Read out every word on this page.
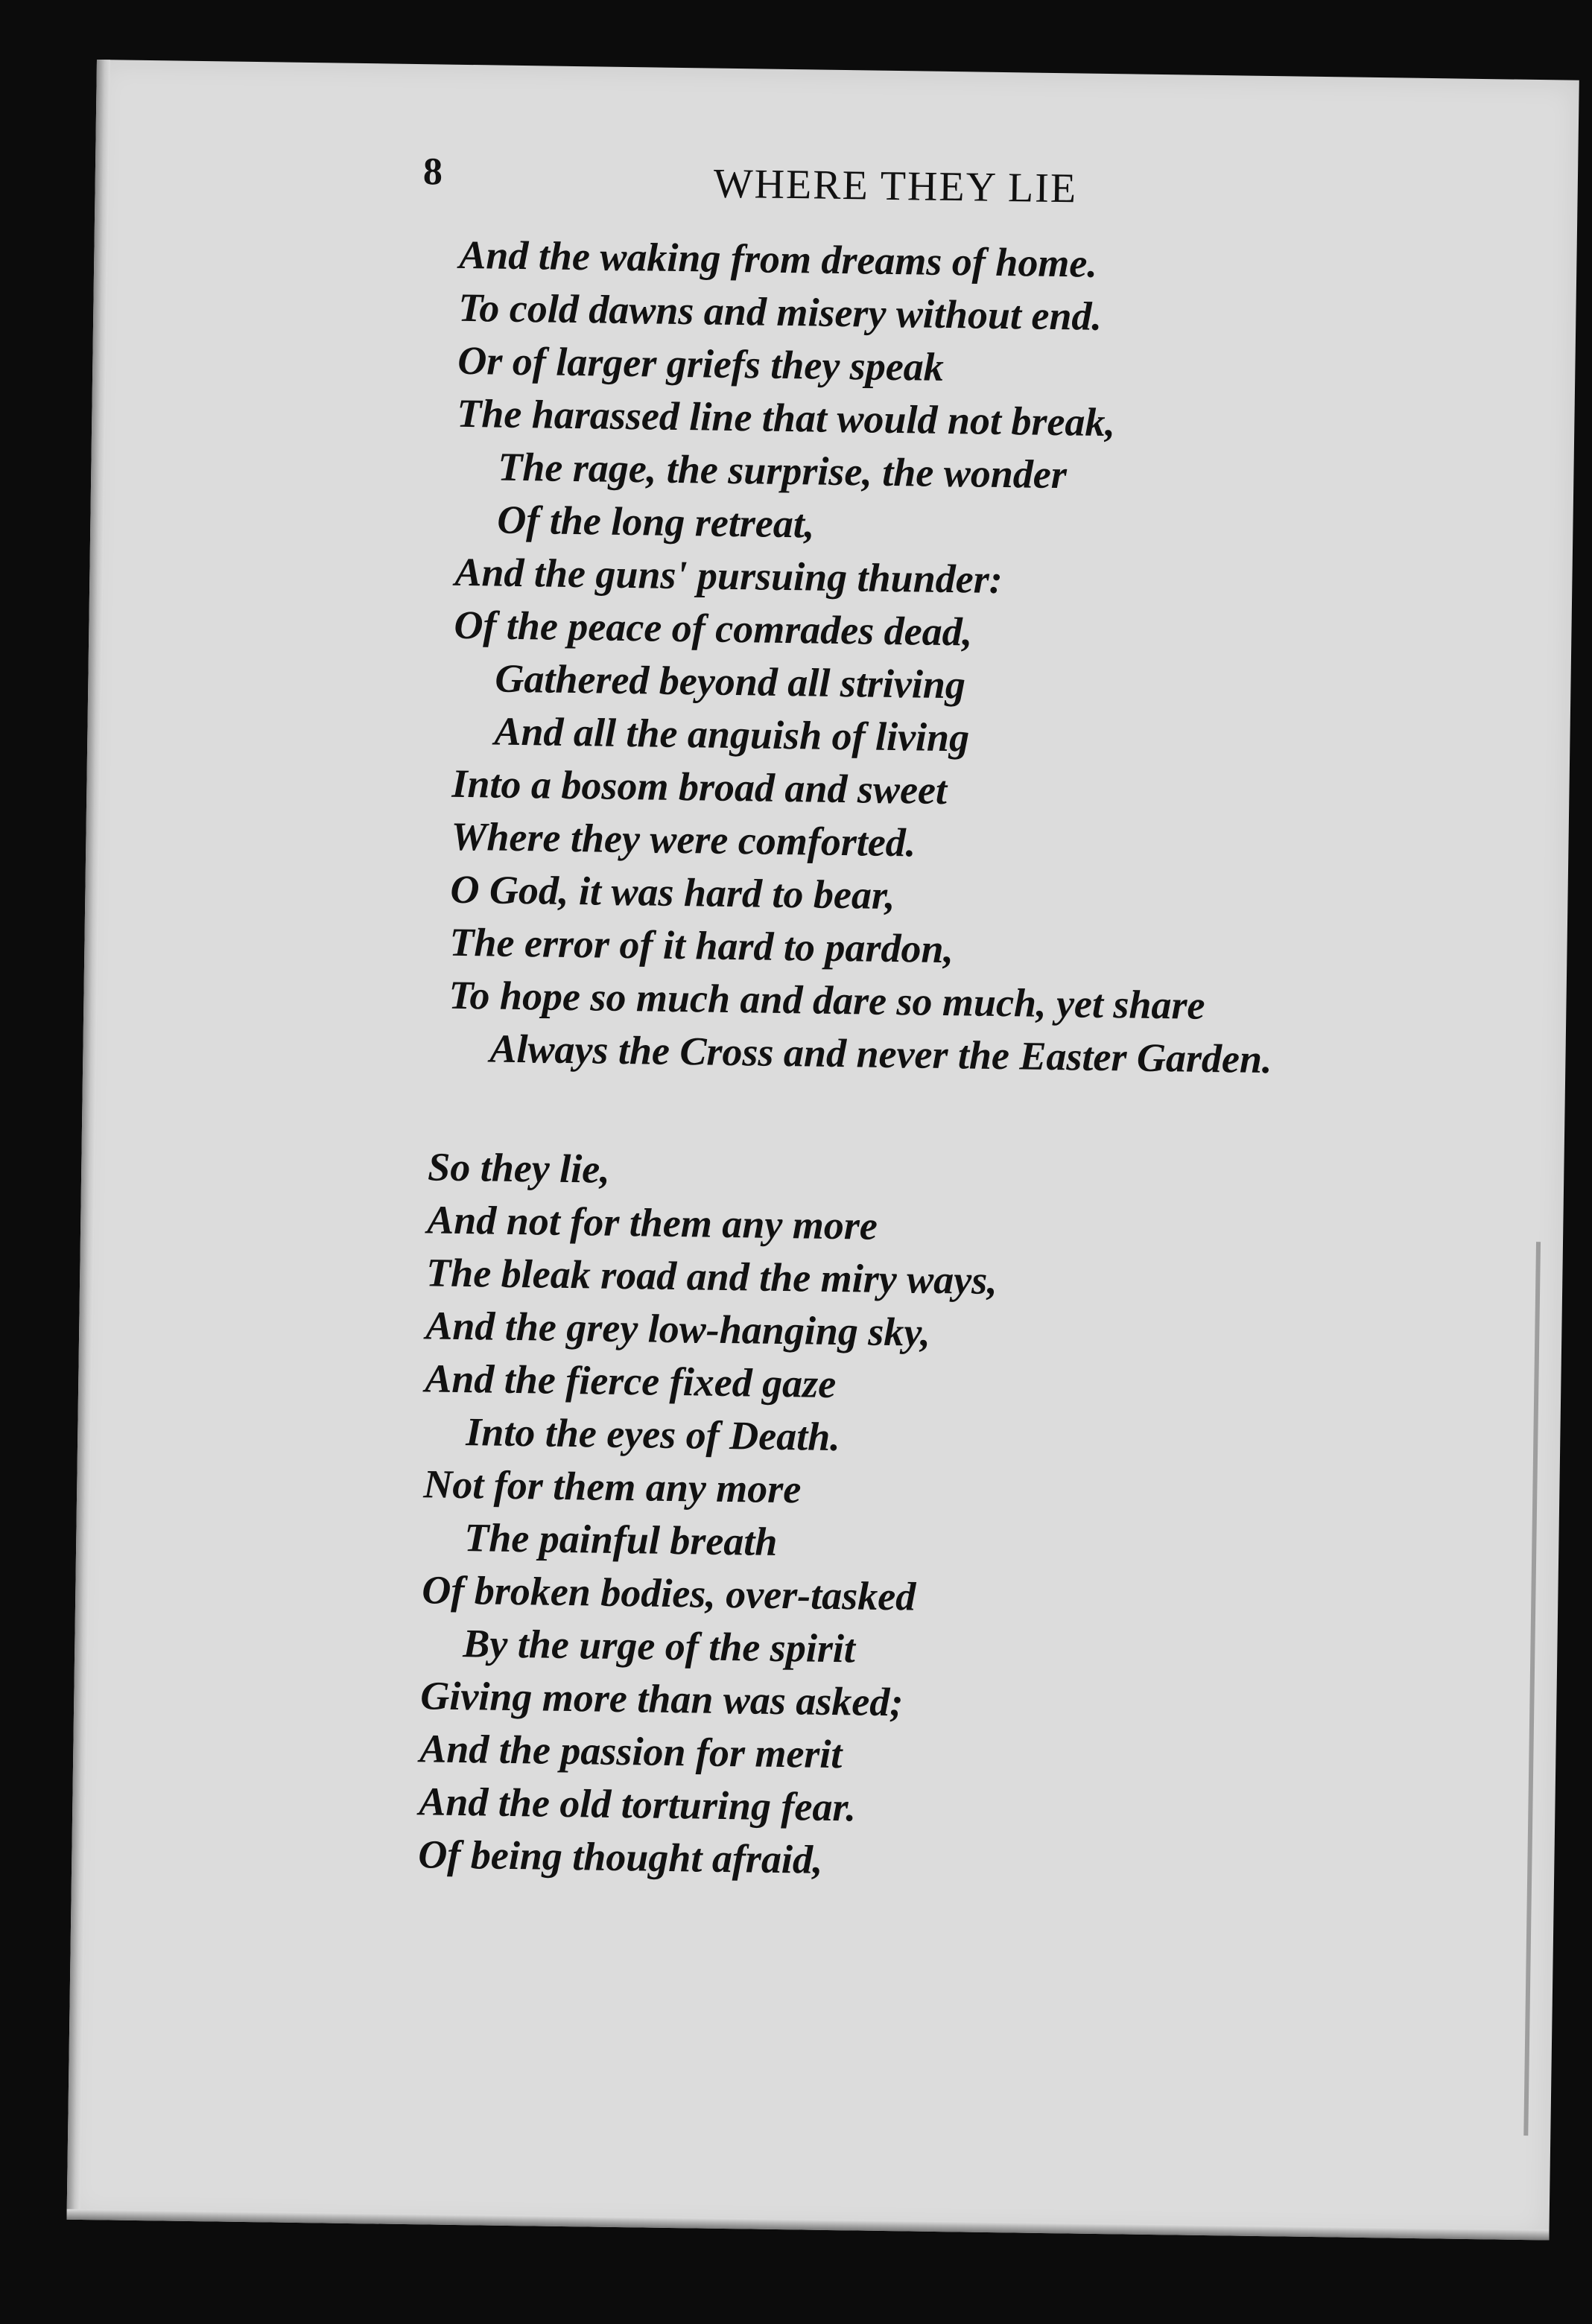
8	WHERE THEY LIE
And the waking from dreams of home.
To cold dawns and misery without end.
Or of larger griefs they speak
The harassed line that would not break,
The rage, the surprise, the wonder
Of the long retreat,
And the guns' pursuing thunder:
Of the peace of comrades dead,
Gathered beyond all striving
And all the anguish of living
Into a bosom broad and sweet
Where they were comforted.
O God, it was hard to bear,
The error of it hard to pardon,
To hope so much and dare so much, yet share
Always the Cross and never the Easter Garden.
So they lie,
And not for them any more
The bleak road and the miry ways,
And the grey low-hanging sky,
And the fierce fixed gaze
Into the eyes of Death.
Not for them any more
The painful breath
Of broken bodies, over-tasked
By the urge of the spirit
Giving more than was asked;
And the passion for merit
And the old torturing fear.
Of being thought afraid,
